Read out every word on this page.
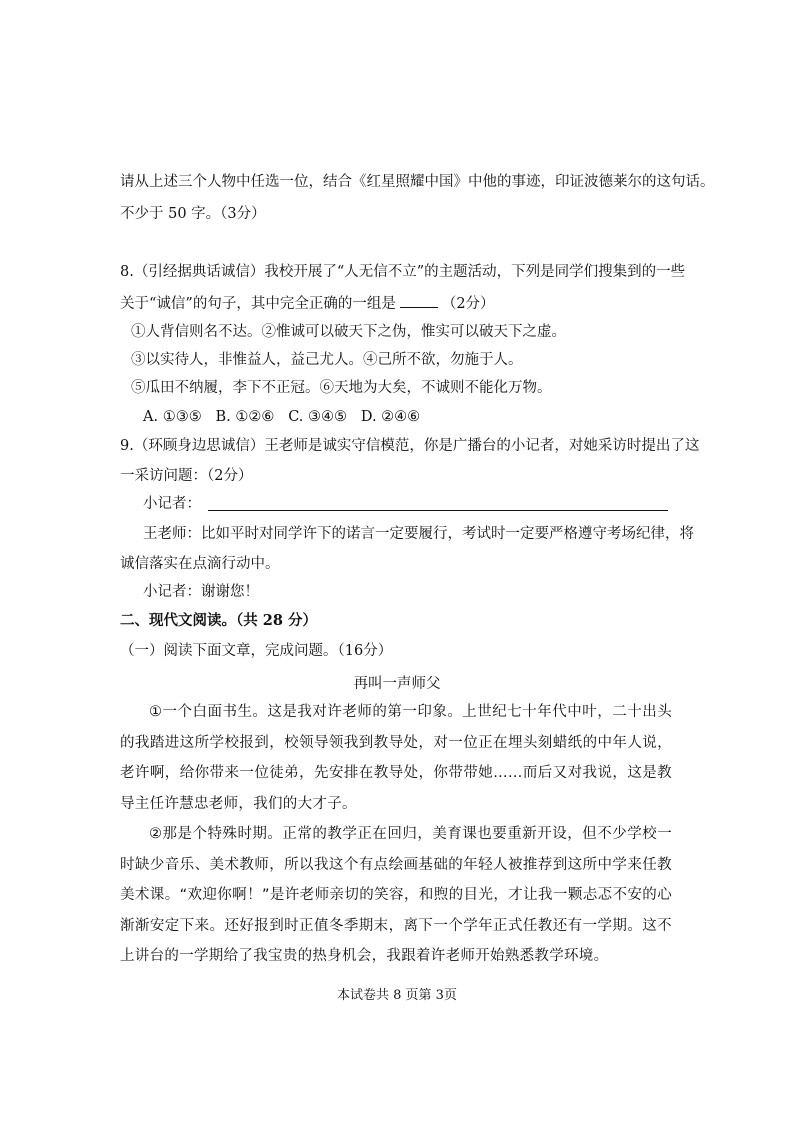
请从上述三个人物中任选一位，结合《红星照耀中国》中他的事迹，印证波德莱尔的这句话。
不少于 50 字。（3分）
8.（引经据典话诚信）我校开展了“人无信不立”的主题活动，下列是同学们搜集到的一些
关于“诚信”的句子，其中完全正确的一组是	（2分）
①人背信则名不达。②惟诚可以破天下之伪，惟实可以破天下之虚。
③以实待人，非惟益人，益己尤人。④己所不欲，勿施于人。
⑤瓜田不纳履，李下不正冠。⑥天地为大矣，不诚则不能化万物。
A. ①③⑤   B. ①②⑥   C. ③④⑤   D. ②④⑥
9.（环顾身边思诚信）王老师是诚实守信模范，你是广播台的小记者，对她采访时提出了这
一采访问题：（2分）
小记者：
王老师：比如平时对同学许下的诺言一定要履行，考试时一定要严格遵守考场纪律，将
诚信落实在点滴行动中。
小记者：谢谢您！
二、现代文阅读。（共 28 分）
（一）阅读下面文章，完成问题。（16分）
再叫一声师父

①一个白面书生。这是我对许老师的第一印象。上世纪七十年代中叶，二十出头的我踏进这所学校报到，校领导领我到教导处，对一位正在埋头刻蜡纸的中年人说，老许啊，给你带来一位徒弟，先安排在教导处，你带带她……而后又对我说，这是教导主任许慧忠老师，我们的大才子。

②那是个特殊时期。正常的教学正在回归，美育课也要重新开设，但不少学校一时缺少音乐、美术教师，所以我这个有点绘画基础的年轻人被推荐到这所中学来任教美术课。“欢迎你啊！”是许老师亲切的笑容，和煦的目光，才让我一颗忐忑不安的心渐渐安定下来。还好报到时正值冬季期末，离下一个学年正式任教还有一学期。这不上讲台的一学期给了我宝贵的热身机会，我跟着许老师开始熟悉教学环境。

本试卷共 8 页第 3页
